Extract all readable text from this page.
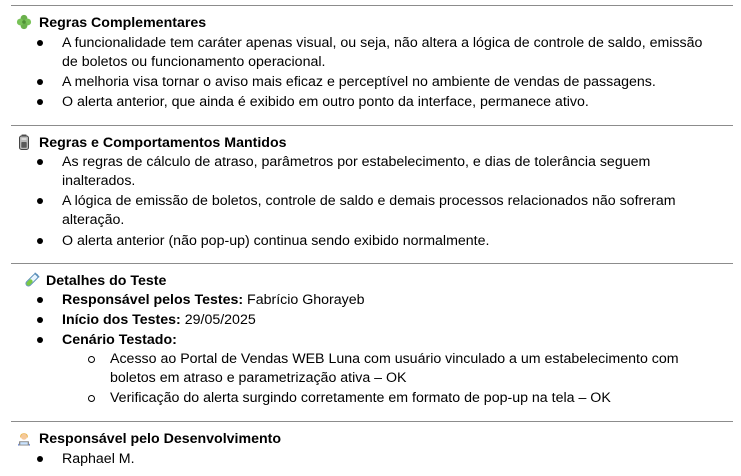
Regras Complementares
A funcionalidade tem caráter apenas visual, ou seja, não altera a lógica de controle de saldo, emissão
de boletos ou funcionamento operacional.
A melhoria visa tornar o aviso mais eficaz e perceptível no ambiente de vendas de passagens.
O alerta anterior, que ainda é exibido em outro ponto da interface, permanece ativo.
Regras e Comportamentos Mantidos
As regras de cálculo de atraso, parâmetros por estabelecimento, e dias de tolerância seguem
inalterados.
A lógica de emissão de boletos, controle de saldo e demais processos relacionados não sofreram
alteração.
O alerta anterior (não pop-up) continua sendo exibido normalmente.
Detalhes do Teste
Responsável pelos Testes: Fabrício Ghorayeb
Início dos Testes: 29/05/2025
Cenário Testado:
Acesso ao Portal de Vendas WEB Luna com usuário vinculado a um estabelecimento com
boletos em atraso e parametrização ativa – OK
Verificação do alerta surgindo corretamente em formato de pop-up na tela – OK
Responsável pelo Desenvolvimento
Raphael M.
